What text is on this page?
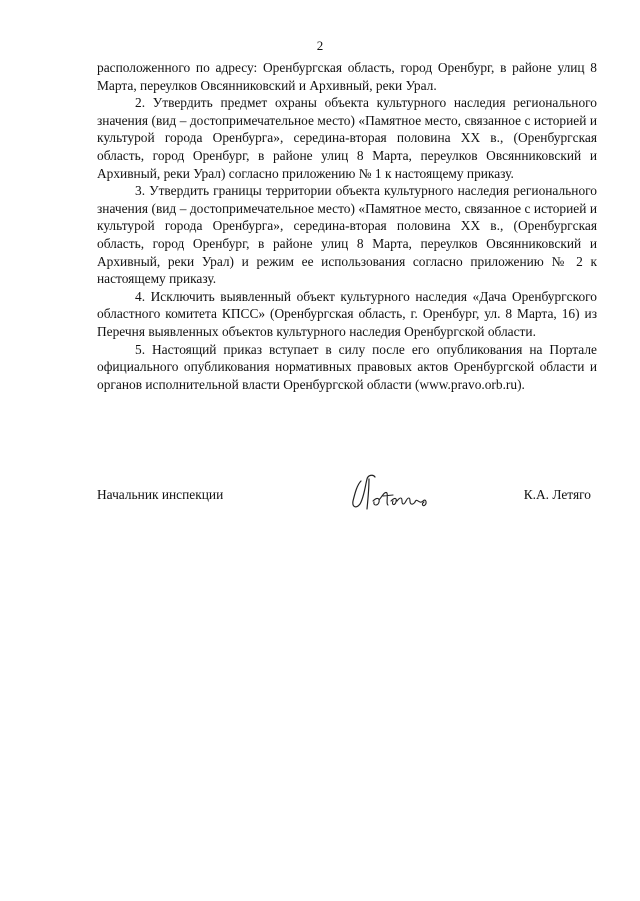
2

расположенного по адресу: Оренбургская область, город Оренбург, в районе улиц 8 Марта, переулков Овсянниковский и Архивный, реки Урал.

2. Утвердить предмет охраны объекта культурного наследия регионального значения (вид – достопримечательное место) «Памятное место, связанное с историей и культурой города Оренбурга», середина-вторая половина XX в., (Оренбургская область, город Оренбург, в районе улиц 8 Марта, переулков Овсянниковский и Архивный, реки Урал) согласно приложению № 1 к настоящему приказу.

3. Утвердить границы территории объекта культурного наследия регионального значения (вид – достопримечательное место) «Памятное место, связанное с историей и культурой города Оренбурга», середина-вторая половина XX в., (Оренбургская область, город Оренбург, в районе улиц 8 Марта, переулков Овсянниковский и Архивный, реки Урал) и режим ее использования согласно приложению № 2 к настоящему приказу.

4. Исключить выявленный объект культурного наследия «Дача Оренбургского областного комитета КПСС» (Оренбургская область, г. Оренбург, ул. 8 Марта, 16) из Перечня выявленных объектов культурного наследия Оренбургской области.

5. Настоящий приказ вступает в силу после его опубликования на Портале официального опубликования нормативных правовых актов Оренбургской области и органов исполнительной власти Оренбургской области (www.pravo.orb.ru).

Начальник инспекции	К.А. Летяго
